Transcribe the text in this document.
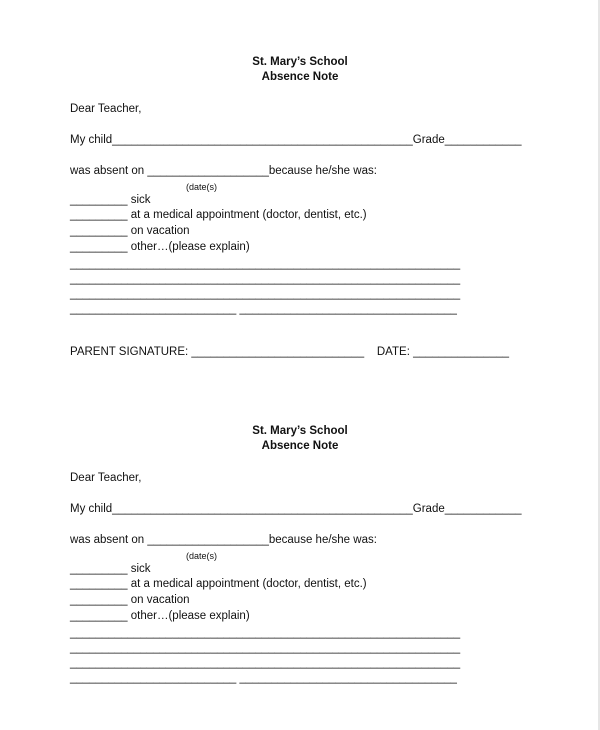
St. Mary’s School
Absence Note
Dear Teacher,
My child_______________________________________________Grade____________
was absent on ___________________because he/she was:
(date(s)
_________ sick
_________ at a medical appointment (doctor, dentist, etc.)
_________ on vacation
_________ other…(please explain)
_____________________________________________________________
_____________________________________________________________
_____________________________________________________________
__________________________ __________________________________
PARENT SIGNATURE: ___________________________    DATE: _______________
St. Mary’s School
Absence Note
Dear Teacher,
My child_______________________________________________Grade____________
was absent on ___________________because he/she was:
(date(s)
_________ sick
_________ at a medical appointment (doctor, dentist, etc.)
_________ on vacation
_________ other…(please explain)
_____________________________________________________________
_____________________________________________________________
_____________________________________________________________
__________________________ __________________________________
